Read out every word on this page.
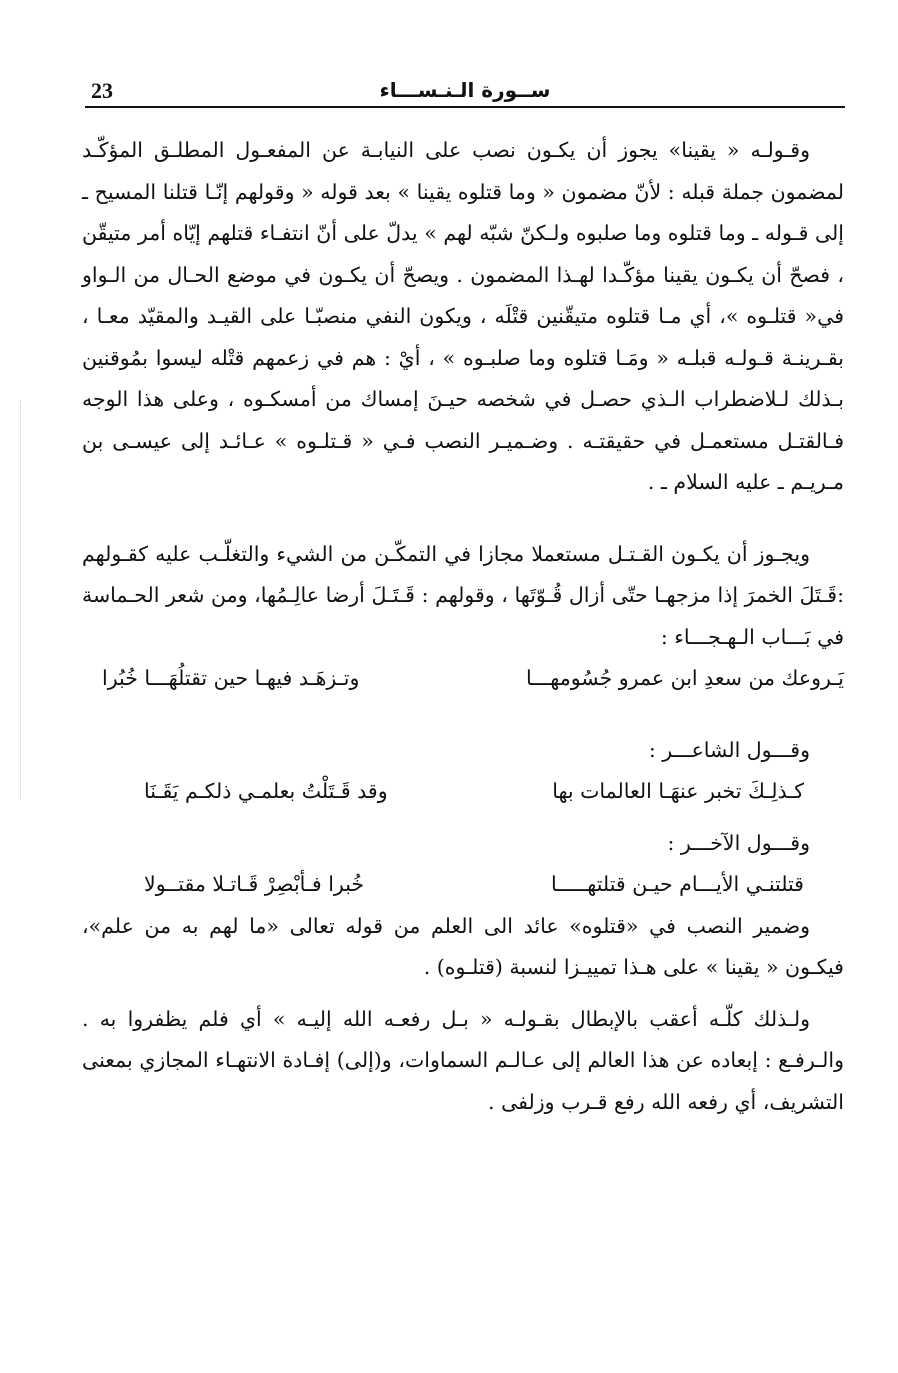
23	ســورة الـنـســـاء

وقـولـه « يقينا» يجوز أن يكـون نصب على النيابـة عن المفعـول المطلـق المؤكّـد لمضمون جملة قبله : لأنّ مضمون « وما قتلوه يقينا » بعد قوله « وقولهم إنّـا قتلنا المسيح ـ إلى قـوله ـ وما قتلوه وما صلبوه ولـكنّ شبّه لهم » يدلّ على أنّ انتفـاء قتلهم إيّاه أمر متيقّن ، فصحّ أن يكـون يقينا مؤكّـدا لهـذا المضمون . ويصحّ أن يكـون في موضع الحـال من الـواو في« قتلـوه »، أي مـا قتلوه متيقّنين قتْلَه ، ويكون النفي منصبّـا على القيـد والمقيّد معـا ، بقـرينـة قـولـه قبلـه « ومَـا قتلوه وما صلبـوه » ، أيْ : هم في زعمهم قتْله ليسوا بمُوقنين بـذلك لـلاضطراب الـذي حصـل في شخصه حيـنَ إمساك من أمسكـوه ، وعلى هذا الوجه فـالقتـل مستعمـل في حقيقتـه . وضـميـر النصب فـي « قـتلـوه » عـائـد إلى عيسـى بن مـريـم ـ عليه السلام ـ .

ويجـوز أن يكـون القـتـل مستعملا مجازا في التمكّـن من الشيء والتغلّـب عليه كقـولهم :قَـتَلَ الخمرَ إذا مزجهـا حتّى أزال قُـوّتَها ، وقولهم : قَـتَـلَ أرضا عالِـمُها، ومن شعر الحـماسة في بَـــاب الـهـجـــاء :

يَـروعك من سعدِ ابن عمرو جُسُومهـــا
وتـزهَـد فيهـا حين تقتلُهَـــا خُبُرا

وقـــول الشاعـــر :

كـذلِـكَ تخبر عنهَـا العالمات بها
وقد قَـتَلْتُ بعلمـي ذلكـم يَقَـنَا

وقـــول الآخـــر :

قتلتنـي الأيـــام حيـن قتلتهـــــا
خُبرا فـأبْصِرْ قَـاتـلا مقتــولا

وضمير النصب في «قتلوه» عائد الى العلم من قوله تعالى «ما لهم به من علم»، فيكـون « يقينا » على هـذا تمييـزا لنسبة (قتلـوه) .

ولـذلك كلّـه أعقب بالإبطال بقـولـه « بـل رفعـه الله إليـه » أي فلم يظفروا به . والـرفـع : إبعاده عن هذا العالم إلى عـالـم السماوات، و(إلى) إفـادة الانتهـاء المجازي بمعنى التشريف، أي رفعه الله رفع قـرب وزلفى .
